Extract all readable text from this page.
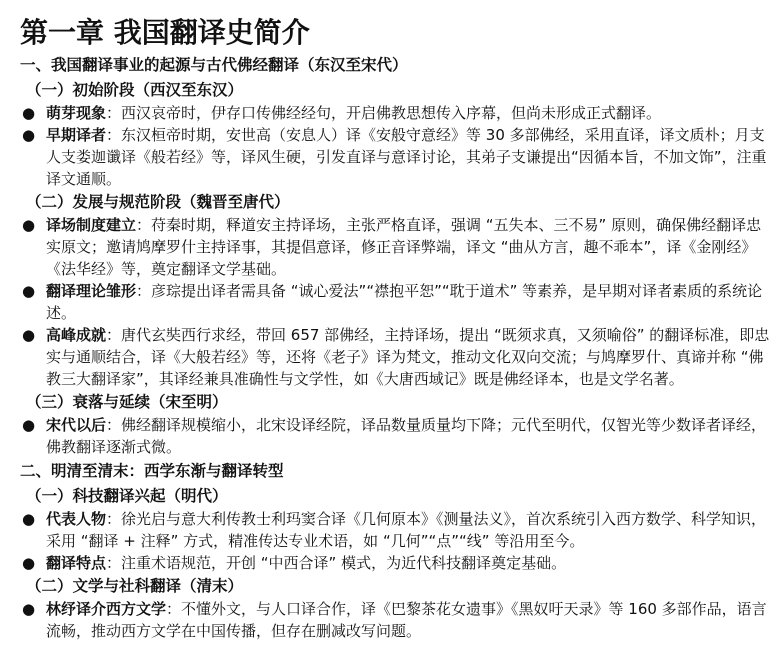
第一章 我国翻译史简介
一、我国翻译事业的起源与古代佛经翻译（东汉至宋代）
（一）初始阶段（西汉至东汉）
● 萌芽现象：西汉哀帝时，伊存口传佛经经句，开启佛教思想传入序幕，但尚未形成正式翻译。
● 早期译者：东汉桓帝时期，安世高（安息人）译《安般守意经》等 30 多部佛经，采用直译，译文质朴；月支人支娄迦谶译《般若经》等，译风生硬，引发直译与意译讨论，其弟子支谦提出“因循本旨，不加文饰”，注重译文通顺。
（二）发展与规范阶段（魏晋至唐代）
● 译场制度建立：苻秦时期，释道安主持译场，主张严格直译，强调 “五失本、三不易” 原则，确保佛经翻译忠实原文；邀请鸠摩罗什主持译事，其提倡意译，修正音译弊端，译文 “曲从方言，趣不乖本”，译《金刚经》《法华经》等，奠定翻译文学基础。
● 翻译理论雏形：彦琮提出译者需具备 “诚心爱法”“襟抱平恕”“耽于道术” 等素养，是早期对译者素质的系统论述。
● 高峰成就：唐代玄奘西行求经，带回 657 部佛经，主持译场，提出 “既须求真，又须喻俗” 的翻译标准，即忠实与通顺结合，译《大般若经》等，还将《老子》译为梵文，推动文化双向交流；与鸠摩罗什、真谛并称 “佛教三大翻译家”，其译经兼具准确性与文学性，如《大唐西域记》既是佛经译本，也是文学名著。
（三）衰落与延续（宋至明）
● 宋代以后：佛经翻译规模缩小，北宋设译经院，译品数量质量均下降；元代至明代，仅智光等少数译者译经，佛教翻译逐渐式微。
二、明清至清末：西学东渐与翻译转型
（一）科技翻译兴起（明代）
● 代表人物：徐光启与意大利传教士利玛窦合译《几何原本》《测量法义》，首次系统引入西方数学、科学知识，采用 “翻译 + 注释” 方式，精准传达专业术语，如 “几何”“点”“线” 等沿用至今。
● 翻译特点：注重术语规范，开创 “中西合译” 模式，为近代科技翻译奠定基础。
（二）文学与社科翻译（清末）
● 林纾译介西方文学：不懂外文，与人口译合作，译《巴黎茶花女遗事》《黑奴吁天录》等 160 多部作品，语言流畅，推动西方文学在中国传播，但存在删减改写问题。
